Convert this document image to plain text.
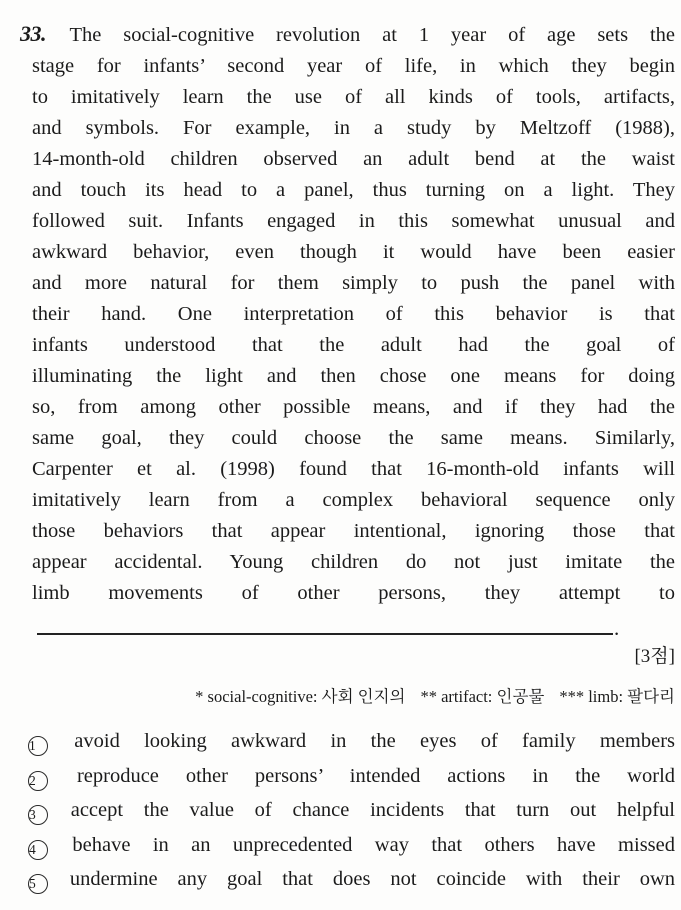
33. The social-cognitive revolution at 1 year of age sets the
stage for infants’ second year of life, in which they begin
to imitatively learn the use of all kinds of tools, artifacts,
and symbols. For example, in a study by Meltzoff (1988),
14-month-old children observed an adult bend at the waist
and touch its head to a panel, thus turning on a light. They
followed suit. Infants engaged in this somewhat unusual and
awkward behavior, even though it would have been easier
and more natural for them simply to push the panel with
their hand. One interpretation of this behavior is that
infants understood that the adult had the goal of
illuminating the light and then chose one means for doing
so, from among other possible means, and if they had the
same goal, they could choose the same means. Similarly,
Carpenter et al. (1998) found that 16-month-old infants will
imitatively learn from a complex behavioral sequence only
those behaviors that appear intentional, ignoring those that
appear accidental. Young children do not just imitate the
limb movements of other persons, they attempt to
.
[3점]
* social-cognitive: 사회 인지의 ** artifact: 인공물 *** limb: 팔다리
1 avoid looking awkward in the eyes of family members
2 reproduce other persons’ intended actions in the world
3 accept the value of chance incidents that turn out helpful
4 behave in an unprecedented way that others have missed
5 undermine any goal that does not coincide with their own
